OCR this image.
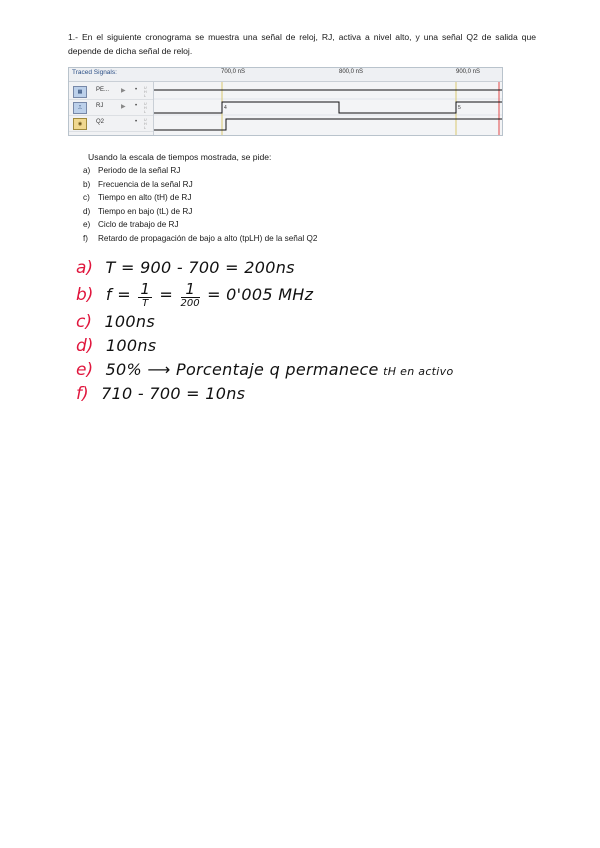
1.- En el siguiente cronograma se muestra una señal de reloj, RJ, activa a nivel alto, y una señal Q2 de salida que depende de dicha señal de reloj.
Traced Signals:	700,0 nS	800,0 nS	900,0 nS
▦	PE... ▶ • U
H
L
⎍	RJ	▶ • U
H
L
◉	Q2	• U
H
L
4	5
Usando la escala de tiempos mostrada, se pide:
a) Periodo de la señal RJ
b) Frecuencia de la señal RJ
c) Tiempo en alto (tH) de RJ
d) Tiempo en bajo (tL) de RJ
e) Ciclo de trabajo de RJ
f) Retardo de propagación de bajo a alto (tpLH) de la señal Q2
a) T = 900 - 700 = 200ns
b) $f = \frac{1}{T} = \frac{1}{200} = 0'005$ MHz
c) 100ns
d) 100ns
e) 50% ⟶ Porcentaje q permanece tH en activo
f) 710 - 700 = 10ns
